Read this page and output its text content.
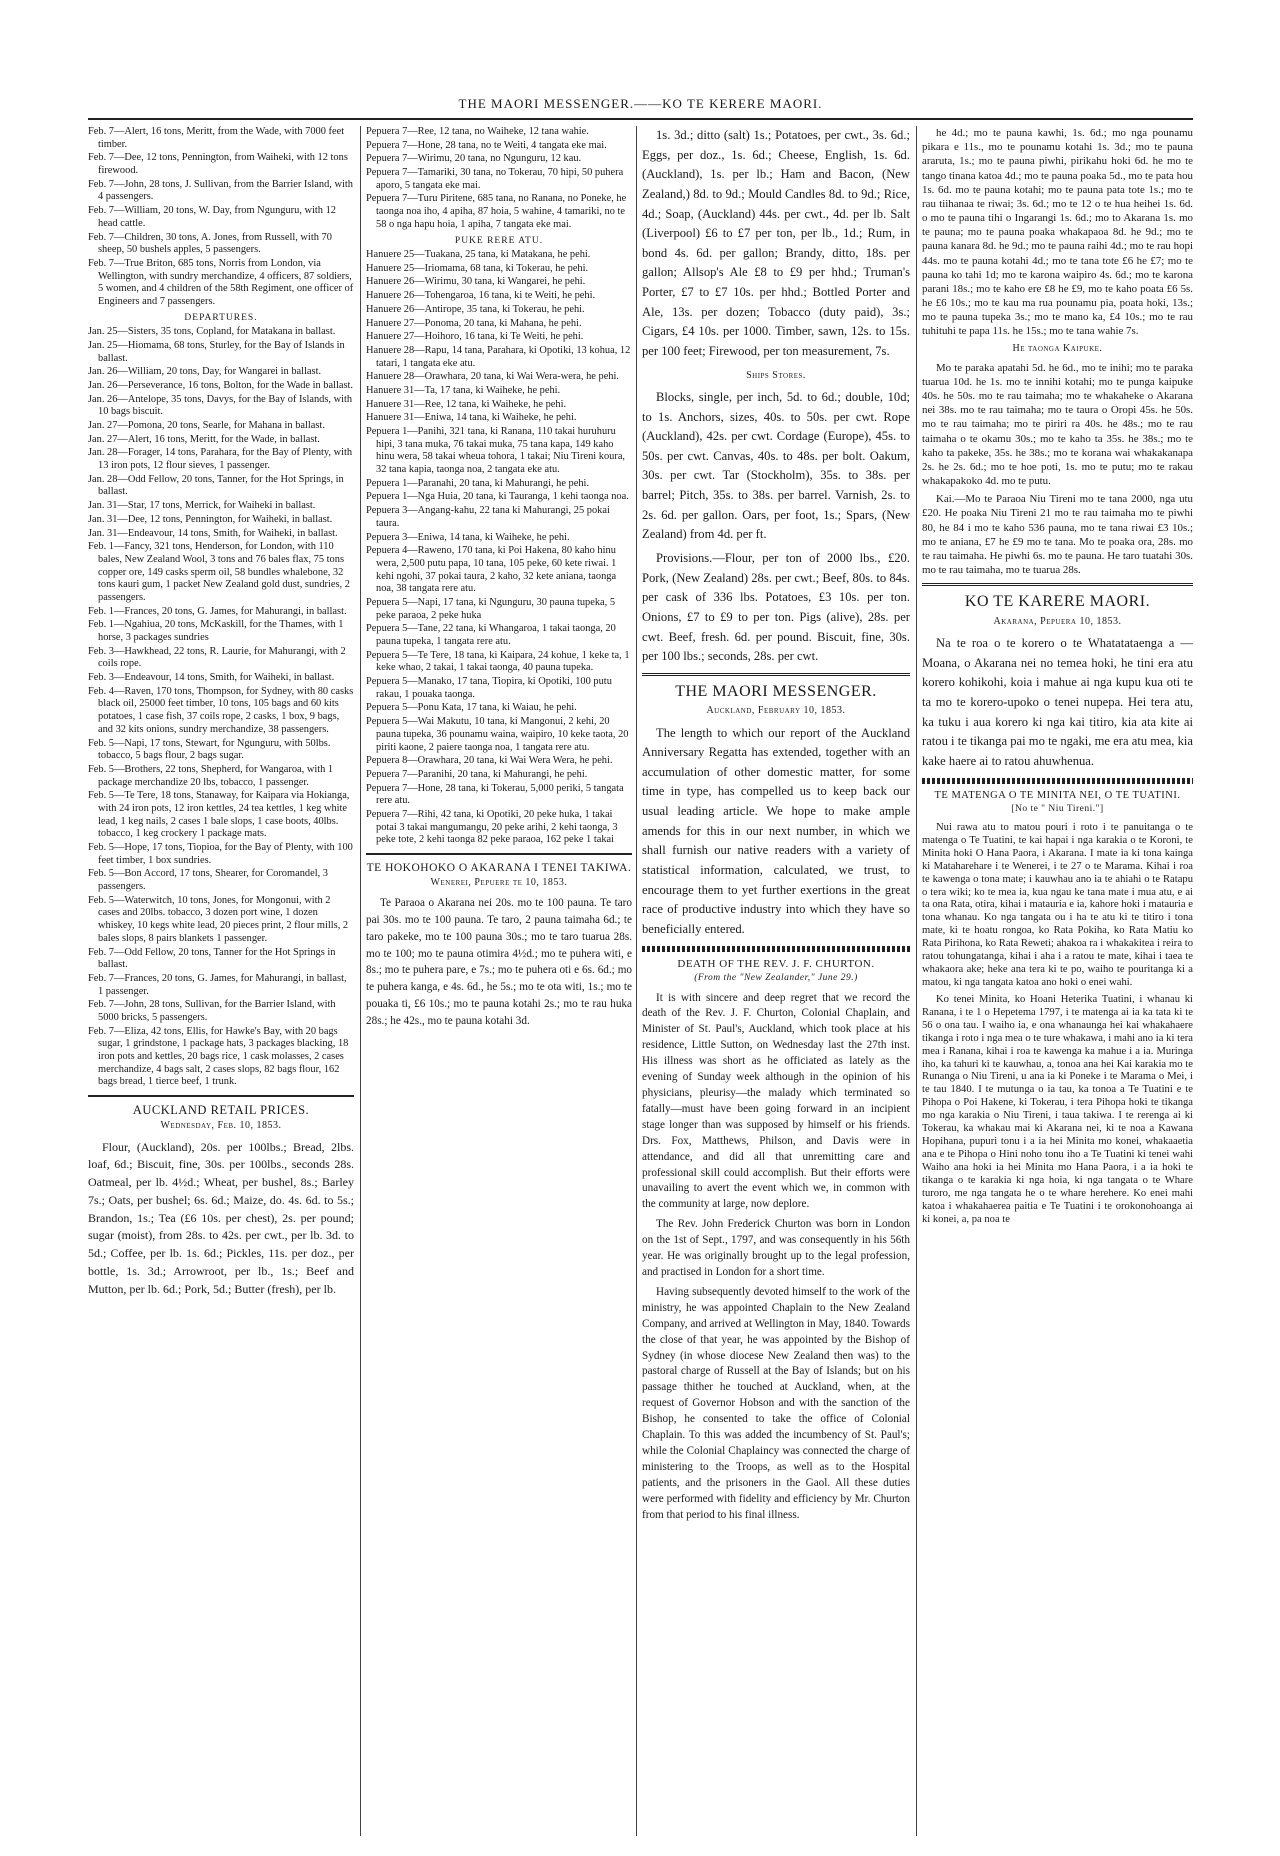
THE MAORI MESSENGER.——KO TE KERERE MAORI.
Feb. 7—Alert, 16 tons, Meritt, from the Wade, with 7000 feet timber.
Feb. 7—Dee, 12 tons, Pennington, from Waiheki, with 12 tons firewood.
Feb. 7—John, 28 tons, J. Sullivan, from the Barrier Island, with 4 passengers.
Feb. 7—William, 20 tons, W. Day, from Ngunguru, with 12 head cattle.
Feb. 7—Children, 30 tons, A. Jones, from Russell, with 70 sheep, 50 bushels apples, 5 passengers.
Feb. 7—True Briton, 685 tons, Norris from London, via Wellington, with sundry merchandize, 4 officers, 87 soldiers, 5 women, and 4 children of the 58th Regiment, one officer of Engineers and 7 passengers.
DEPARTURES.
Jan. 25—Sisters, 35 tons, Copland, for Matakana in ballast.
Jan. 25—Hiomama, 68 tons, Sturley, for the Bay of Islands in ballast.
Jan. 26—William, 20 tons, Day, for Wangarei in ballast.
Jan. 26—Perseverance, 16 tons, Bolton, for the Wade in ballast.
Jan. 26—Antelope, 35 tons, Davys, for the Bay of Islands, with 10 bags biscuit.
Jan. 27—Pomona, 20 tons, Searle, for Mahana in ballast.
Jan. 27—Alert, 16 tons, Meritt, for the Wade, in ballast.
Jan. 28—Forager, 14 tons, Parahara, for the Bay of Plenty, with 13 iron pots, 12 flour sieves, 1 passenger.
Jan. 28—Odd Fellow, 20 tons, Tanner, for the Hot Springs, in ballast.
Jan. 31—Star, 17 tons, Merrick, for Waiheki in ballast.
Jan. 31—Dee, 12 tons, Pennington, for Waiheki, in ballast.
Jan. 31—Endeavour, 14 tons, Smith, for Waiheki, in ballast.
Feb. 1—Fancy, 321 tons, Henderson, for London, with 110 bales, New Zealand Wool, 3 tons and 76 bales flax, 75 tons copper ore, 149 casks sperm oil, 58 bundles whalebone, 32 tons kauri gum, 1 packet New Zealand gold dust, sundries, 2 passengers.
Feb. 1—Frances, 20 tons, G. James, for Mahurangi, in ballast.
Feb. 1—Ngahiua, 20 tons, McKaskill, for the Thames, with 1 horse, 3 packages sundries
Feb. 3—Hawkhead, 22 tons, R. Laurie, for Mahurangi, with 2 coils rope.
Feb. 3—Endeavour, 14 tons, Smith, for Waiheki, in ballast.
Feb. 4—Raven, 170 tons, Thompson, for Sydney, with 80 casks black oil, 25000 feet timber, 10 tons, 105 bags and 60 kits potatoes, 1 case fish, 37 coils rope, 2 casks, 1 box, 9 bags, and 32 kits onions, sundry merchandize, 38 passengers.
Feb. 5—Napi, 17 tons, Stewart, for Ngunguru, with 50lbs. tobacco, 5 bags flour, 2 bags sugar.
Feb. 5—Brothers, 22 tons, Shepherd, for Wangaroa, with 1 package merchandize 20 lbs, tobacco, 1 passenger.
Feb. 5—Te Tere, 18 tons, Stanaway, for Kaipara via Hokianga, with 24 iron pots, 12 iron kettles, 24 tea kettles, 1 keg white lead, 1 keg nails, 2 cases 1 bale slops, 1 case boots, 40lbs. tobacco, 1 keg crockery 1 package mats.
Feb. 5—Hope, 17 tons, Tiopioa, for the Bay of Plenty, with 100 feet timber, 1 box sundries.
Feb. 5—Bon Accord, 17 tons, Shearer, for Coromandel, 3 passengers.
Feb. 5—Waterwitch, 10 tons, Jones, for Mongonui, with 2 cases and 20lbs. tobacco, 3 dozen port wine, 1 dozen whiskey, 10 kegs white lead, 20 pieces print, 2 flour mills, 2 bales slops, 8 pairs blankets 1 passenger.
Feb. 7—Odd Fellow, 20 tons, Tanner for the Hot Springs in ballast.
Feb. 7—Frances, 20 tons, G. James, for Mahurangi, in ballast, 1 passenger.
Feb. 7—John, 28 tons, Sullivan, for the Barrier Island, with 5000 bricks, 5 passengers.
Feb. 7—Eliza, 42 tons, Ellis, for Hawke's Bay, with 20 bags sugar, 1 grindstone, 1 package hats, 3 packages blacking, 18 iron pots and kettles, 20 bags rice, 1 cask molasses, 2 cases merchandize, 4 bags salt, 2 cases slops, 82 bags flour, 162 bags bread, 1 tierce beef, 1 trunk.
AUCKLAND RETAIL PRICES.
Wednesday, Feb. 10, 1853.
Flour, (Auckland), 20s. per 100lbs.; Bread, 2lbs. loaf, 6d.; Biscuit, fine, 30s. per 100lbs., seconds 28s. Oatmeal, per lb. 4½d.; Wheat, per bushel, 8s.; Barley 7s.; Oats, per bushel; 6s. 6d.; Maize, do. 4s. 6d. to 5s.; Brandon, 1s.; Tea (£6 10s. per chest), 2s. per pound; sugar (moist), from 28s. to 42s. per cwt., per lb. 3d. to 5d.; Coffee, per lb. 1s. 6d.; Pickles, 11s. per doz., per bottle, 1s. 3d.; Arrowroot, per lb., 1s.; Beef and Mutton, per lb. 6d.; Pork, 5d.; Butter (fresh), per lb.
Pepuera 7—Ree, 12 tana, no Waiheke, 12 tana wahie.
Pepuera 7—Hone, 28 tana, no te Weiti, 4 tangata eke mai.
Pepuera 7—Wirimu, 20 tana, no Ngunguru, 12 kau.
Pepuera 7—Tamariki, 30 tana, no Tokerau, 70 hipi, 50 puhera aporo, 5 tangata eke mai.
Pepuera 7—Turu Piritene, 685 tana, no Ranana, no Poneke, he taonga noa iho, 4 apiha, 87 hoia, 5 wahine, 4 tamariki, no te 58 o nga hapu hoia, 1 apiha, 7 tangata eke mai.
PUKE RERE ATU.
Hanuere 25—Tuakana, 25 tana, ki Matakana, he pehi.
Hanuere 25—Iriomama, 68 tana, ki Tokerau, he pehi.
Hanuere 26—Wirimu, 30 tana, ki Wangarei, he pehi.
Hanuere 26—Tohengaroa, 16 tana, ki te Weiti, he pehi.
Hanuere 26—Antirope, 35 tana, ki Tokerau, he pehi.
Hanuere 27—Ponoma, 20 tana, ki Mahana, he pehi.
Hanuere 27—Hoihoro, 16 tana, ki Te Weiti, he pehi.
Hanuere 28—Rapu, 14 tana, Parahara, ki Opotiki, 13 kohua, 12 tatari, 1 tangata eke atu.
Hanuere 28—Orawhara, 20 tana, ki Wai Wera-wera, he pehi.
Hanuere 31—Ta, 17 tana, ki Waiheke, he pehi.
Hanuere 31—Ree, 12 tana, ki Waiheke, he pehi.
Hanuere 31—Eniwa, 14 tana, ki Waiheke, he pehi.
Pepuera 1—Panihi, 321 tana, ki Ranana, 110 takai huruhuru hipi, 3 tana muka, 76 takai muka, 75 tana kapa, 149 kaho hinu wera, 58 takai wheua tohora, 1 takai; Niu Tireni koura, 32 tana kapia, taonga noa, 2 tangata eke atu.
Pepuera 1—Paranahi, 20 tana, ki Mahurangi, he pehi.
Pepuera 1—Nga Huia, 20 tana, ki Tauranga, 1 kehi taonga noa.
Pepuera 3—Angang-kahu, 22 tana ki Mahurangi, 25 pokai taura.
Pepuera 3—Eniwa, 14 tana, ki Waiheke, he pehi.
Pepuera 4—Raweno, 170 tana, ki Poi Hakena, 80 kaho hinu wera, 2,500 putu papa, 10 tana, 105 peke, 60 kete riwai. 1 kehi ngohi, 37 pokai taura, 2 kaho, 32 kete aniana, taonga noa, 38 tangata rere atu.
Pepuera 5—Napi, 17 tana, ki Ngunguru, 30 pauna tupeka, 5 peke paraoa, 2 peke huka
Pepuera 5—Tane, 22 tana, ki Whangaroa, 1 takai taonga, 20 pauna tupeka, 1 tangata rere atu.
Pepuera 5—Te Tere, 18 tana, ki Kaipara, 24 kohue, 1 keke ta, 1 keke whao, 2 takai, 1 takai taonga, 40 pauna tupeka.
Pepuera 5—Manako, 17 tana, Tiopira, ki Opotiki, 100 putu rakau, 1 pouaka taonga.
Pepuera 5—Ponu Kata, 17 tana, ki Waiau, he pehi.
Pepuera 5—Wai Makutu, 10 tana, ki Mangonui, 2 kehi, 20 pauna tupeka, 36 pounamu waina, waipiro, 10 keke taota, 20 piriti kaone, 2 paiere taonga noa, 1 tangata rere atu.
Pepuera 8—Orawhara, 20 tana, ki Wai Wera Wera, he pehi.
Pepuera 7—Paranihi, 20 tana, ki Mahurangi, he pehi.
Pepuera 7—Hone, 28 tana, ki Tokerau, 5,000 periki, 5 tangata rere atu.
Pepuera 7—Rihi, 42 tana, ki Opotiki, 20 peke huka, 1 takai potai 3 takai mangumangu, 20 peke arihi, 2 kehi taonga, 3 peke tote, 2 kehi taonga 82 peke paraoa, 162 peke 1 takai
TE HOKOHOKO O AKARANA I TENEI TAKIWA.
Wenerei, Pepuere te 10, 1853.
Te Paraoa o Akarana nei 20s. mo te 100 pauna. Te taro pai 30s. mo te 100 pauna. Te taro, 2 pauna taimaha 6d.; te taro pakeke, mo te 100 pauna 30s.; mo te taro tuarua 28s. mo te 100; mo te pauna otimira 4½d.; mo te puhera witi, e 8s.; mo te puhera pare, e 7s.; mo te puhera oti e 6s. 6d.; mo te puhera kanga, e 4s. 6d., he 5s.; mo te ota witi, 1s.; mo te pouaka ti, £6 10s.; mo te pauna kotahi 2s.; mo te rau huka 28s.; he 42s., mo te pauna kotahi 3d.
1s. 3d.; ditto (salt) 1s.; Potatoes, per cwt., 3s. 6d.; Eggs, per doz., 1s. 6d.; Cheese, English, 1s. 6d. (Auckland), 1s. per lb.; Ham and Bacon, (New Zealand,) 8d. to 9d.; Mould Candles 8d. to 9d.; Rice, 4d.; Soap, (Auckland) 44s. per cwt., 4d. per lb. Salt (Liverpool) £6 to £7 per ton, per lb., 1d.; Rum, in bond 4s. 6d. per gallon; Brandy, ditto, 18s. per gallon; Allsop's Ale £8 to £9 per hhd.; Truman's Porter, £7 to £7 10s. per hhd.; Bottled Porter and Ale, 13s. per dozen; Tobacco (duty paid), 3s.; Cigars, £4 10s. per 1000. Timber, sawn, 12s. to 15s. per 100 feet; Firewood, per ton measurement, 7s.
Ships Stores.
Blocks, single, per inch, 5d. to 6d.; double, 10d; to 1s. Anchors, sizes, 40s. to 50s. per cwt. Rope (Auckland), 42s. per cwt. Cordage (Europe), 45s. to 50s. per cwt. Canvas, 40s. to 48s. per bolt. Oakum, 30s. per cwt. Tar (Stockholm), 35s. to 38s. per barrel; Pitch, 35s. to 38s. per barrel. Varnish, 2s. to 2s. 6d. per gallon. Oars, per foot, 1s.; Spars, (New Zealand) from 4d. per ft.
Provisions.—Flour, per ton of 2000 lbs., £20. Pork, (New Zealand) 28s. per cwt.; Beef, 80s. to 84s. per cask of 336 lbs. Potatoes, £3 10s. per ton. Onions, £7 to £9 to per ton. Pigs (alive), 28s. per cwt. Beef, fresh. 6d. per pound. Biscuit, fine, 30s. per 100 lbs.; seconds, 28s. per cwt.
THE MAORI MESSENGER.
Auckland, February 10, 1853.
The length to which our report of the Auckland Anniversary Regatta has extended, together with an accumulation of other domestic matter, for some time in type, has compelled us to keep back our usual leading article. We hope to make ample amends for this in our next number, in which we shall furnish our native readers with a variety of statistical information, calculated, we trust, to encourage them to yet further exertions in the great race of productive industry into which they have so beneficially entered.
DEATH OF THE REV. J. F. CHURTON.
(From the "New Zealander," June 29.)
It is with sincere and deep regret that we record the death of the Rev. J. F. Churton, Colonial Chaplain, and Minister of St. Paul's, Auckland, which took place at his residence, Little Sutton, on Wednesday last the 27th inst. His illness was short as he officiated as lately as the evening of Sunday week although in the opinion of his physicians, pleurisy—the malady which terminated so fatally—must have been going forward in an incipient stage longer than was supposed by himself or his friends. Drs. Fox, Matthews, Philson, and Davis were in attendance, and did all that unremitting care and professional skill could accomplish. But their efforts were unavailing to avert the event which we, in common with the community at large, now deplore.
The Rev. John Frederick Churton was born in London on the 1st of Sept., 1797, and was consequently in his 56th year. He was originally brought up to the legal profession, and practised in London for a short time.
Having subsequently devoted himself to the work of the ministry, he was appointed Chaplain to the New Zealand Company, and arrived at Wellington in May, 1840. Towards the close of that year, he was appointed by the Bishop of Sydney (in whose diocese New Zealand then was) to the pastoral charge of Russell at the Bay of Islands; but on his passage thither he touched at Auckland, when, at the request of Governor Hobson and with the sanction of the Bishop, he consented to take the office of Colonial Chaplain. To this was added the incumbency of St. Paul's; while the Colonial Chaplaincy was connected the charge of ministering to the Troops, as well as to the Hospital patients, and the prisoners in the Gaol. All these duties were performed with fidelity and efficiency by Mr. Churton from that period to his final illness.
he 4d.; mo te pauna kawhi, 1s. 6d.; mo nga pounamu pikara e 11s., mo te pounamu kotahi 1s. 3d.; mo te pauna araruta, 1s.; mo te pauna piwhi, pirikahu hoki 6d. he mo te tango tinana katoa 4d.; mo te pauna poaka 5d., mo te pata hou 1s. 6d. mo te pauna kotahi; mo te pauna pata tote 1s.; mo te rau tiihanaa te riwai; 3s. 6d.; mo te 12 o te hua heihei 1s. 6d. o mo te pauna tihi o Ingarangi 1s. 6d.; mo to Akarana 1s. mo te pauna; mo te pauna poaka whakapaoa 8d. he 9d.; mo te pauna kanara 8d. he 9d.; mo te pauna raihi 4d.; mo te rau hopi 44s. mo te pauna kotahi 4d.; mo te tana tote £6 he £7; mo te pauna ko tahi 1d; mo te karona waipiro 4s. 6d.; mo te karona parani 18s.; mo te kaho ere £8 he £9, mo te kaho poata £6 5s. he £6 10s.; mo te kau ma rua pounamu pia, poata hoki, 13s.; mo te pauna tupeka 3s.; mo te mano ka, £4 10s.; mo te rau tuhituhi te papa 11s. he 15s.; mo te tana wahie 7s.
He taonga Kaipuke.
Mo te paraka apatahi 5d. he 6d., mo te inihi; mo te paraka tuarua 10d. he 1s. mo te innihi kotahi; mo te punga kaipuke 40s. he 50s. mo te rau taimaha; mo te whakaheke o Akarana nei 38s. mo te rau taimaha; mo te taura o Oropi 45s. he 50s. mo te rau taimaha; mo te piriri ra 40s. he 48s.; mo te rau taimaha o te okamu 30s.; mo te kaho ta 35s. he 38s.; mo te kaho ta pakeke, 35s. he 38s.; mo te korana wai whakakanapa 2s. he 2s. 6d.; mo te hoe poti, 1s. mo te putu; mo te rakau whakapakoko 4d. mo te putu.
Kai.—Mo te Paraoa Niu Tireni mo te tana 2000, nga utu £20. He poaka Niu Tireni 21 mo te rau taimaha mo te piwhi 80, he 84 i mo te kaho 536 pauna, mo te tana riwai £3 10s.; mo te aniana, £7 he £9 mo te tana. Mo te poaka ora, 28s. mo te rau taimaha. He piwhi 6s. mo te pauna. He taro tuatahi 30s. mo te rau taimaha, mo te tuarua 28s.
KO TE KARERE MAORI.
Akarana, Pepuera 10, 1853.
Na te roa o te korero o te Whatatataenga a — Moana, o Akarana nei no temea hoki, he tini era atu korero kohikohi, koia i mahue ai nga kupu kua oti te ta mo te korero-upoko o tenei nupepa. Hei tera atu, ka tuku i aua korero ki nga kai titiro, kia ata kite ai ratou i te tikanga pai mo te ngaki, me era atu mea, kia kake haere ai to ratou ahuwhenua.
TE MATENGA O TE MINITA NEI, O TE TUATINI.
[No te " Niu Tireni."]
Nui rawa atu to matou pouri i roto i te panuitanga o te matenga o Te Tuatini, te kai hapai i nga karakia o te Koroni, te Minita hoki O Hana Paora, i Akarana. I mate ia ki tona kainga ki Mataharehare i te Wenerei, i te 27 o te Marama. Kihai i roa te kawenga o tona mate; i kauwhau ano ia te ahiahi o te Ratapu o tera wiki; ko te mea ia, kua ngau ke tana mate i mua atu, e ai ta ona Rata, otira, kihai i matauria e ia, kahore hoki i matauria e tona whanau. Ko nga tangata ou i ha te atu ki te titiro i tona mate, ki te hoatu rongoa, ko Rata Pokiha, ko Rata Matiu ko Rata Pirihona, ko Rata Reweti; ahakoa ra i whakakitea i reira to ratou tohungatanga, kihai i aha i a ratou te mate, kihai i taea te whakaora ake; heke ana tera ki te po, waiho te pouritanga ki a matou, ki nga tangata katoa ano hoki o enei wahi.
Ko tenei Minita, ko Hoani Heterika Tuatini, i whanau ki Ranana, i te 1 o Hepetema 1797, i te matenga ai ia ka tata ki te 56 o ona tau. I waiho ia, e ona whanaunga hei kai whakahaere tikanga i roto i nga mea o te ture whakawa, i mahi ano ia ki tera mea i Ranana, kihai i roa te kawenga ka mahue i a ia. Muringa iho, ka tahuri ki te kauwhau, a, tonoa ana hei Kai karakia mo te Runanga o Niu Tireni, u ana ia ki Poneke i te Marama o Mei, i te tau 1840. I te mutunga o ia tau, ka tonoa a Te Tuatini e te Pihopa o Poi Hakene, ki Tokerau, i tera Pihopa hoki te tikanga mo nga karakia o Niu Tireni, i taua takiwa. I te rerenga ai ki Tokerau, ka whakau mai ki Akarana nei, ki te noa a Kawana Hopihana, pupuri tonu i a ia hei Minita mo konei, whakaaetia ana e te Pihopa o Hini noho tonu iho a Te Tuatini ki tenei wahi Waiho ana hoki ia hei Minita mo Hana Paora, i a ia hoki te tikanga o te karakia ki nga hoia, ki nga tangata o te Whare turoro, me nga tangata he o te whare herehere. Ko enei mahi katoa i whakahaerea paitia e Te Tuatini i te orokonohoanga ai ki konei, a, pa noa te
